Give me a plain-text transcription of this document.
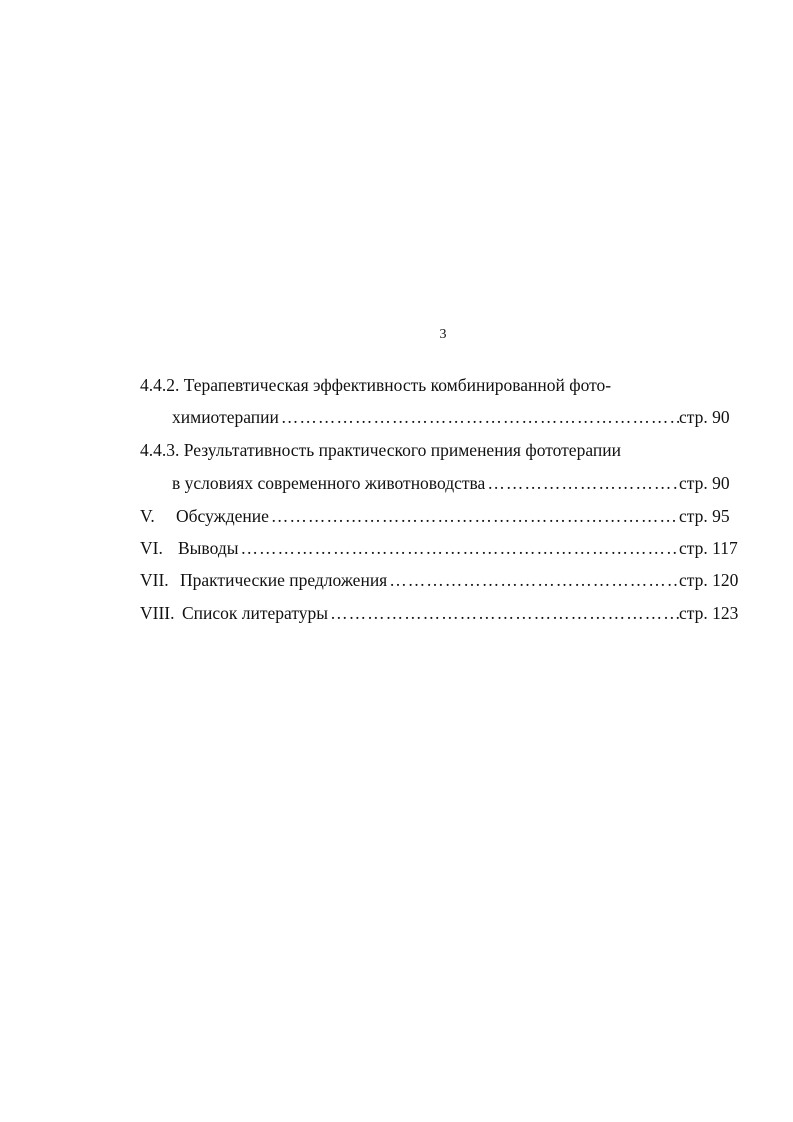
3
4.4.2. Терапевтическая эффективность комбинированной фото-
химиотерапии …………………………………………………………………………………………………………………………………………………………	стр. 90
4.4.3. Результативность практического применения фототерапии
в условиях современного животноводства …………………………………………………………………………………………………………………………………………………………	стр. 90
V. Обсуждение …………………………………………………………………………………………………………………………………………………………	стр. 95
VI. Выводы …………………………………………………………………………………………………………………………………………………………	стр. 117
VII. Практические предложения …………………………………………………………………………………………………………………………………………………………	стр. 120
VIII. Список литературы …………………………………………………………………………………………………………………………………………………………	стр. 123
